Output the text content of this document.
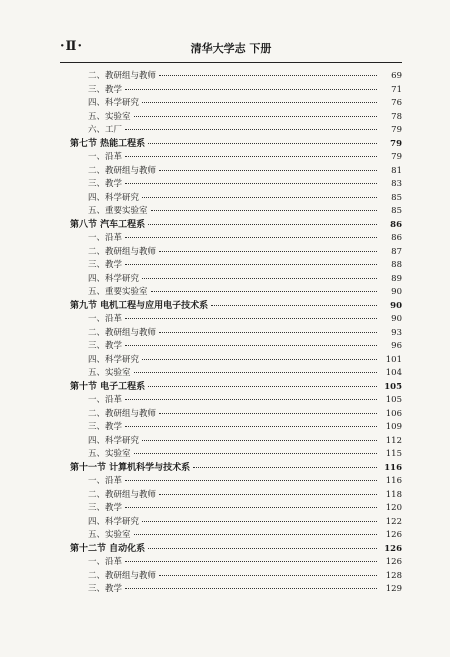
·Ⅱ·	清华大学志 下册
二、教研组与教师	69
三、教学	71
四、科学研究	76
五、实验室	78
六、工厂	79
第七节 热能工程系	79
一、沿革	79
二、教研组与教师	81
三、教学	83
四、科学研究	85
五、重要实验室	85
第八节 汽车工程系	86
一、沿革	86
二、教研组与教师	87
三、教学	88
四、科学研究	89
五、重要实验室	90
第九节 电机工程与应用电子技术系	90
一、沿革	90
二、教研组与教师	93
三、教学	96
四、科学研究	101
五、实验室	104
第十节 电子工程系	105
一、沿革	105
二、教研组与教师	106
三、教学	109
四、科学研究	112
五、实验室	115
第十一节 计算机科学与技术系	116
一、沿革	116
二、教研组与教师	118
三、教学	120
四、科学研究	122
五、实验室	126
第十二节 自动化系	126
一、沿革	126
二、教研组与教师	128
三、教学	129
